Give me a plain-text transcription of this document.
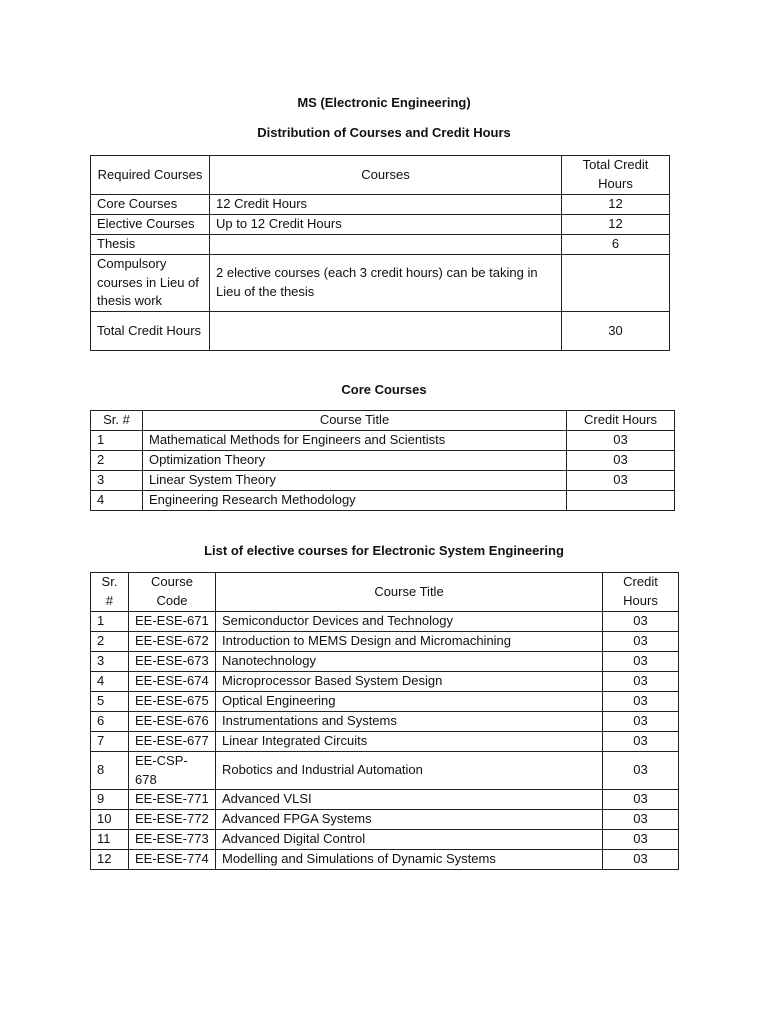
MS (Electronic Engineering)
Distribution of Courses and Credit Hours
Required Courses	Courses	Total Credit Hours
Core Courses	12 Credit Hours	12
Elective Courses	Up to 12 Credit Hours	12
Thesis		6
Compulsory courses in Lieu of thesis work	2 elective courses (each 3 credit hours) can be taking in Lieu of the thesis	
Total Credit Hours		30
Core Courses
Sr. #	Course Title	Credit Hours
1	Mathematical Methods for Engineers and Scientists	03
2	Optimization Theory	03
3	Linear System Theory	03
4	Engineering Research Methodology	
List of elective courses for Electronic System Engineering
Sr. #	Course Code	Course Title	Credit Hours
1	EE-ESE-671	Semiconductor Devices and Technology	03
2	EE-ESE-672	Introduction to MEMS Design and Micromachining	03
3	EE-ESE-673	Nanotechnology	03
4	EE-ESE-674	Microprocessor Based System Design	03
5	EE-ESE-675	Optical Engineering	03
6	EE-ESE-676	Instrumentations and Systems	03
7	EE-ESE-677	Linear Integrated Circuits	03
8	EE-CSP-678	Robotics and Industrial Automation	03
9	EE-ESE-771	Advanced VLSI	03
10	EE-ESE-772	Advanced FPGA Systems	03
11	EE-ESE-773	Advanced Digital Control	03
12	EE-ESE-774	Modelling and Simulations of Dynamic Systems	03
